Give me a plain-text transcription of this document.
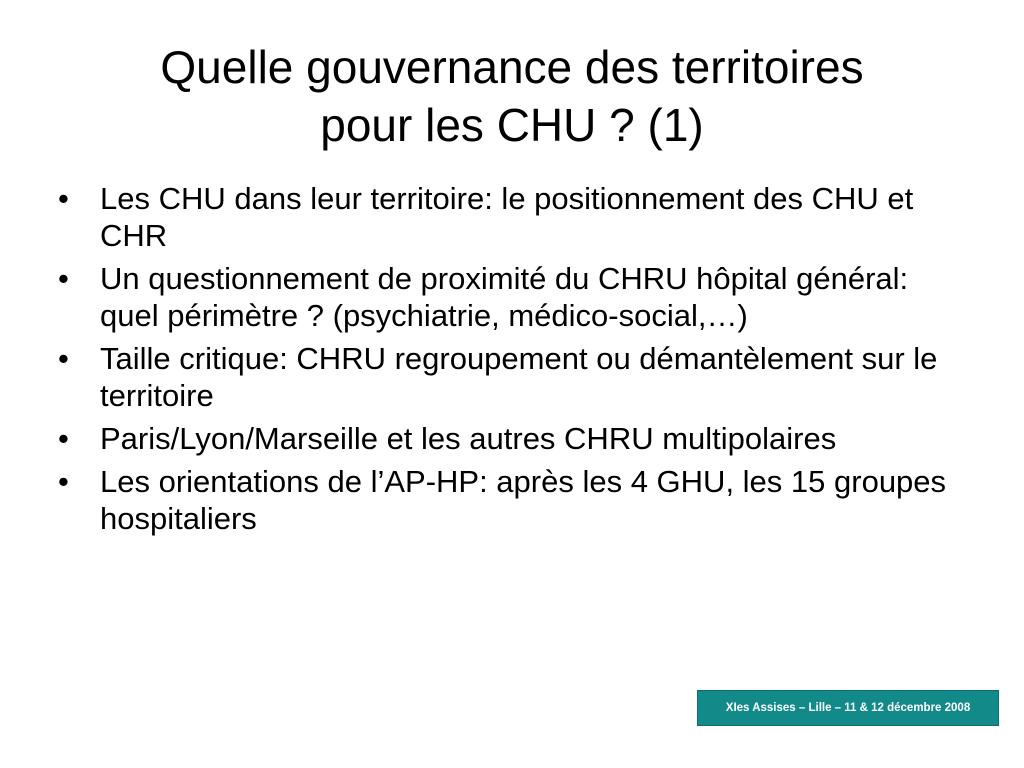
Quelle gouvernance des territoires
pour les CHU ? (1)
•	Les CHU dans leur territoire: le positionnement des CHU et CHR
•	Un questionnement de proximité du CHRU hôpital général: quel périmètre ? (psychiatrie, médico-social,…)
•	Taille critique: CHRU regroupement ou démantèlement sur le territoire
•	Paris/Lyon/Marseille et les autres CHRU multipolaires
•	Les orientations de l’AP-HP: après les 4 GHU, les 15 groupes hospitaliers
XIes Assises – Lille – 11 & 12 décembre 2008
